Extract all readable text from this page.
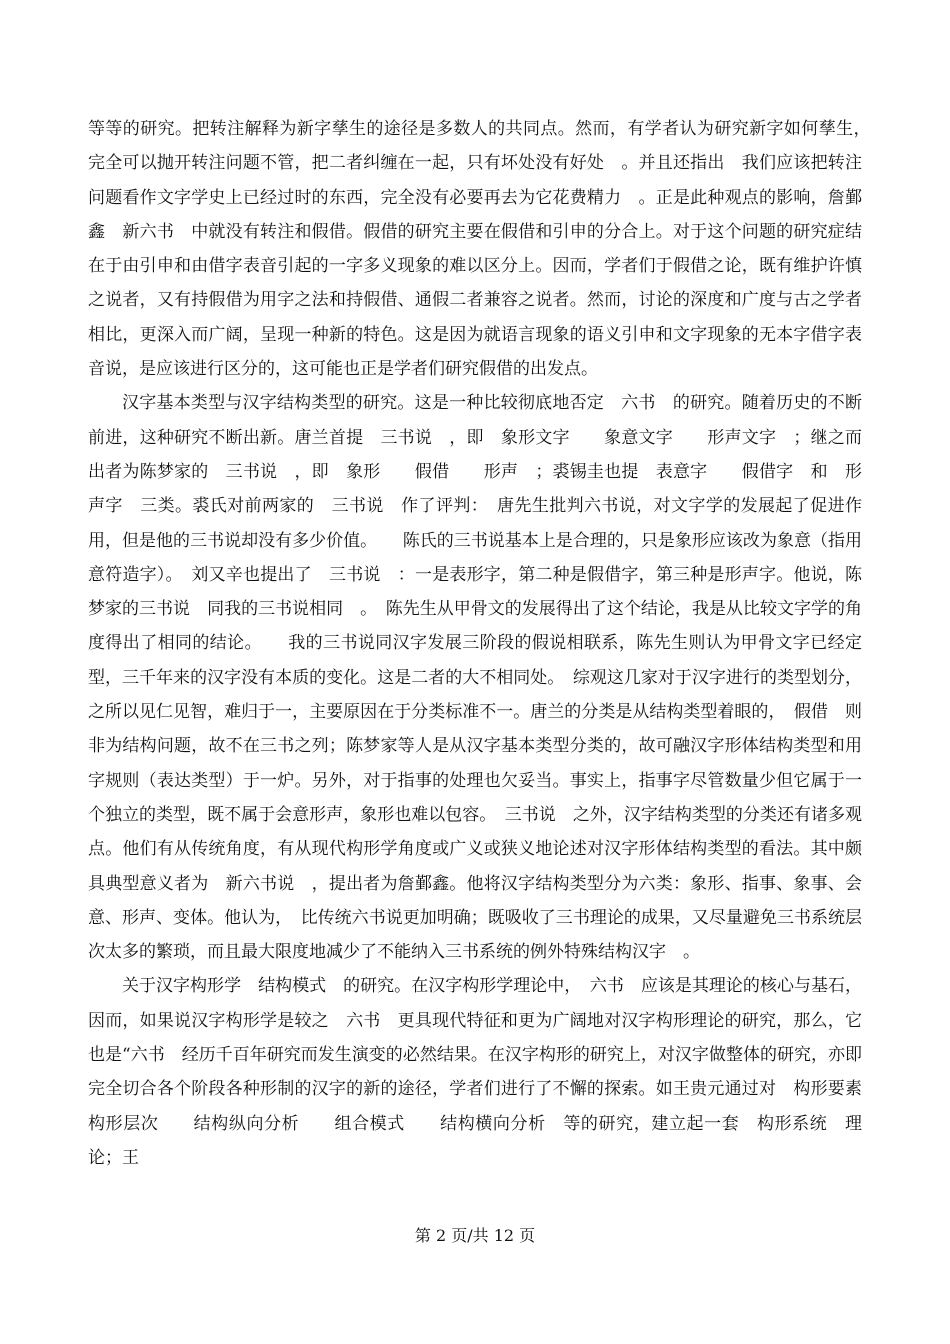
等等的研究。把转注解释为新字孳生的途径是多数人的共同点。然而，有学者认为研究新字如何孳生，　完全可以抛开转注问题不管，把二者纠缠在一起，只有坏处没有好处　。并且还指出　我们应该把转注问题看作文字学史上已经过时的东西，完全没有必要再去为它花费精力　。正是此种观点的影响，詹鄞鑫　新六书　中就没有转注和假借。假借的研究主要在假借和引申的分合上。对于这个问题的研究症结在于由引申和由借字表音引起的一字多义现象的难以区分上。因而，学者们于假借之论，既有维护许慎之说者，又有持假借为用字之法和持假借、通假二者兼容之说者。然而，讨论的深度和广度与古之学者相比，更深入而广阔，呈现一种新的特色。这是因为就语言现象的语义引申和文字现象的无本字借字表音说，是应该进行区分的，这可能也正是学者们研究假借的出发点。

汉字基本类型与汉字结构类型的研究。这是一种比较彻底地否定　六书　的研究。随着历史的不断前进，这种研究不断出新。唐兰首提　三书说　，即　象形文字　　象意文字　　形声文字　；继之而出者为陈梦家的　三书说　，即　象形　　假借　　形声　；裘锡圭也提　表意字　　假借字　和　形声字　三类。裘氏对前两家的　三书说　作了评判：　唐先生批判六书说，对文字学的发展起了促进作用，但是他的三书说却没有多少价值。　　陈氏的三书说基本上是合理的，只是象形应该改为象意（指用意符造字）。　刘又辛也提出了　三书说　：一是表形字，第二种是假借字，第三种是形声字。他说，陈梦家的三书说　同我的三书说相同　。　陈先生从甲骨文的发展得出了这个结论，我是从比较文字学的角度得出了相同的结论。　　我的三书说同汉字发展三阶段的假说相联系，陈先生则认为甲骨文字已经定型，三千年来的汉字没有本质的变化。这是二者的大不相同处。　综观这几家对于汉字进行的类型划分，之所以见仁见智，难归于一，主要原因在于分类标准不一。唐兰的分类是从结构类型着眼的，　假借　则非为结构问题，故不在三书之列；陈梦家等人是从汉字基本类型分类的，故可融汉字形体结构类型和用字规则（表达类型）于一炉。另外，对于指事的处理也欠妥当。事实上，指事字尽管数量少但它属于一个独立的类型，既不属于会意形声，象形也难以包容。　三书说　之外，汉字结构类型的分类还有诸多观点。他们有从传统角度，有从现代构形学角度或广义或狭义地论述对汉字形体结构类型的看法。其中颇具典型意义者为　新六书说　，提出者为詹鄞鑫。他将汉字结构类型分为六类：象形、指事、象事、会意、形声、变体。他认为，　比传统六书说更加明确；既吸收了三书理论的成果，又尽量避免三书系统层次太多的繁琐，而且最大限度地减少了不能纳入三书系统的例外特殊结构汉字　。

关于汉字构形学　结构模式　的研究。在汉字构形学理论中，　六书　应该是其理论的核心与基石，因而，如果说汉字构形学是较之　六书　更具现代特征和更为广阔地对汉字构形理论的研究，那么，它也是“六书　经历千百年研究而发生演变的必然结果。在汉字构形的研究上，对汉字做整体的研究，亦即完全切合各个阶段各种形制的汉字的新的途径，学者们进行了不懈的探索。如王贵元通过对　构形要素　　构形层次　　结构纵向分析　　组合模式　　结构横向分析　等的研究，建立起一套　构形系统　理论；王

第 2 页/共 12 页
